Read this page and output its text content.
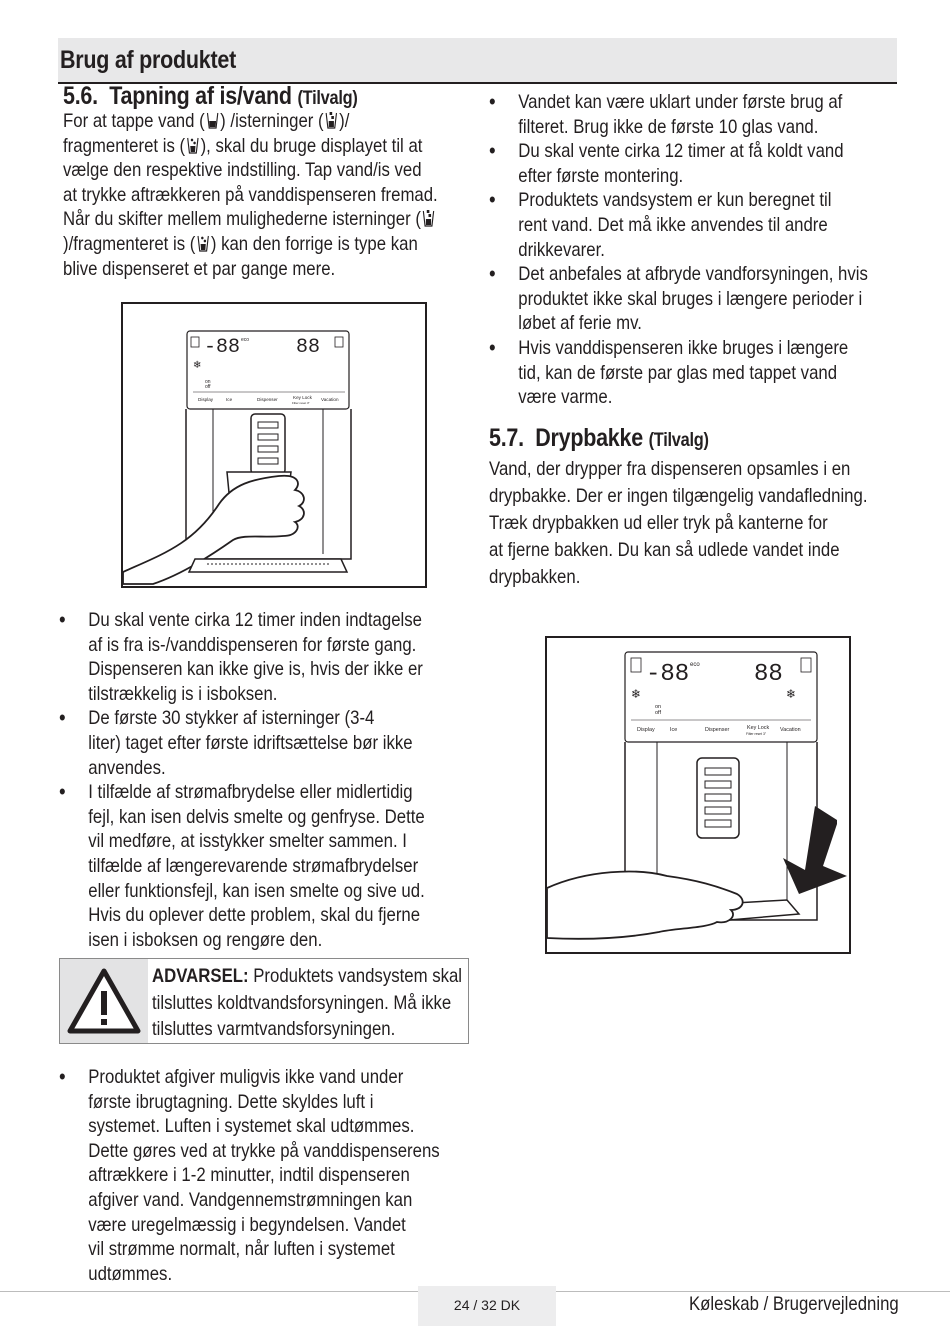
Brug af produktet
5.6. Tapning af is/vand (Tilvalg)
For at tappe vand ( ) /isterninger ( )/
fragmenteret is ( ), skal du bruge displayet til at
vælge den respektive indstilling. Tap vand/is ved
at trykke aftrækkeren på vanddispenseren fremad.
Når du skifter mellem mulighederne isterninger (
)/fragmenteret is ( ) kan den forrige is type kan
blive dispenseret et par gange mere.
-88 eco 88
❄
on
off
Display	Ice	Dispenser	Key Lock
Filter reset 3"
Vacation
• Du skal vente cirka 12 timer inden indtagelse
af is fra is-/vanddispenseren for første gang.
Dispenseren kan ikke give is, hvis der ikke er
tilstrækkelig is i isboksen.
• De første 30 stykker af isterninger (3-4
liter) taget efter første idriftsættelse bør ikke
anvendes.
• I tilfælde af strømafbrydelse eller midlertidig
fejl, kan isen delvis smelte og genfryse. Dette
vil medføre, at isstykker smelter sammen. I
tilfælde af længerevarende strømafbrydelser
eller funktionsfejl, kan isen smelte og sive ud.
Hvis du oplever dette problem, skal du fjerne
isen i isboksen og rengøre den.
ADVARSEL: Produktets vandsystem skal
tilsluttes koldtvandsforsyningen. Må ikke
tilsluttes varmtvandsforsyningen.
• Produktet afgiver muligvis ikke vand under
første ibrugtagning. Dette skyldes luft i
systemet. Luften i systemet skal udtømmes.
Dette gøres ved at trykke på vanddispenserens
aftrækkere i 1-2 minutter, indtil dispenseren
afgiver vand. Vandgennemstrømningen kan
være uregelmæssig i begyndelsen. Vandet
vil strømme normalt, når luften i systemet
udtømmes.
• Vandet kan være uklart under første brug af
filteret. Brug ikke de første 10 glas vand.
• Du skal vente cirka 12 timer at få koldt vand
efter første montering.
• Produktets vandsystem er kun beregnet til
rent vand. Det må ikke anvendes til andre
drikkevarer.
• Det anbefales at afbryde vandforsyningen, hvis
produktet ikke skal bruges i længere perioder i
løbet af ferie mv.
• Hvis vanddispenseren ikke bruges i længere
tid, kan de første par glas med tappet vand
være varme.
5.7. Drypbakke (Tilvalg)
Vand, der drypper fra dispenseren opsamles i en
drypbakke. Der er ingen tilgængelig vandafledning.
Træk drypbakken ud eller tryk på kanterne for
at fjerne bakken. Du kan så udlede vandet inde
drypbakken.
-88 eco 88
❄	❄
on
off
Display	Ice	Dispenser	Key Lock
Filter reset 3"
Vacation
24 / 32 DK	Køleskab / Brugervejledning
